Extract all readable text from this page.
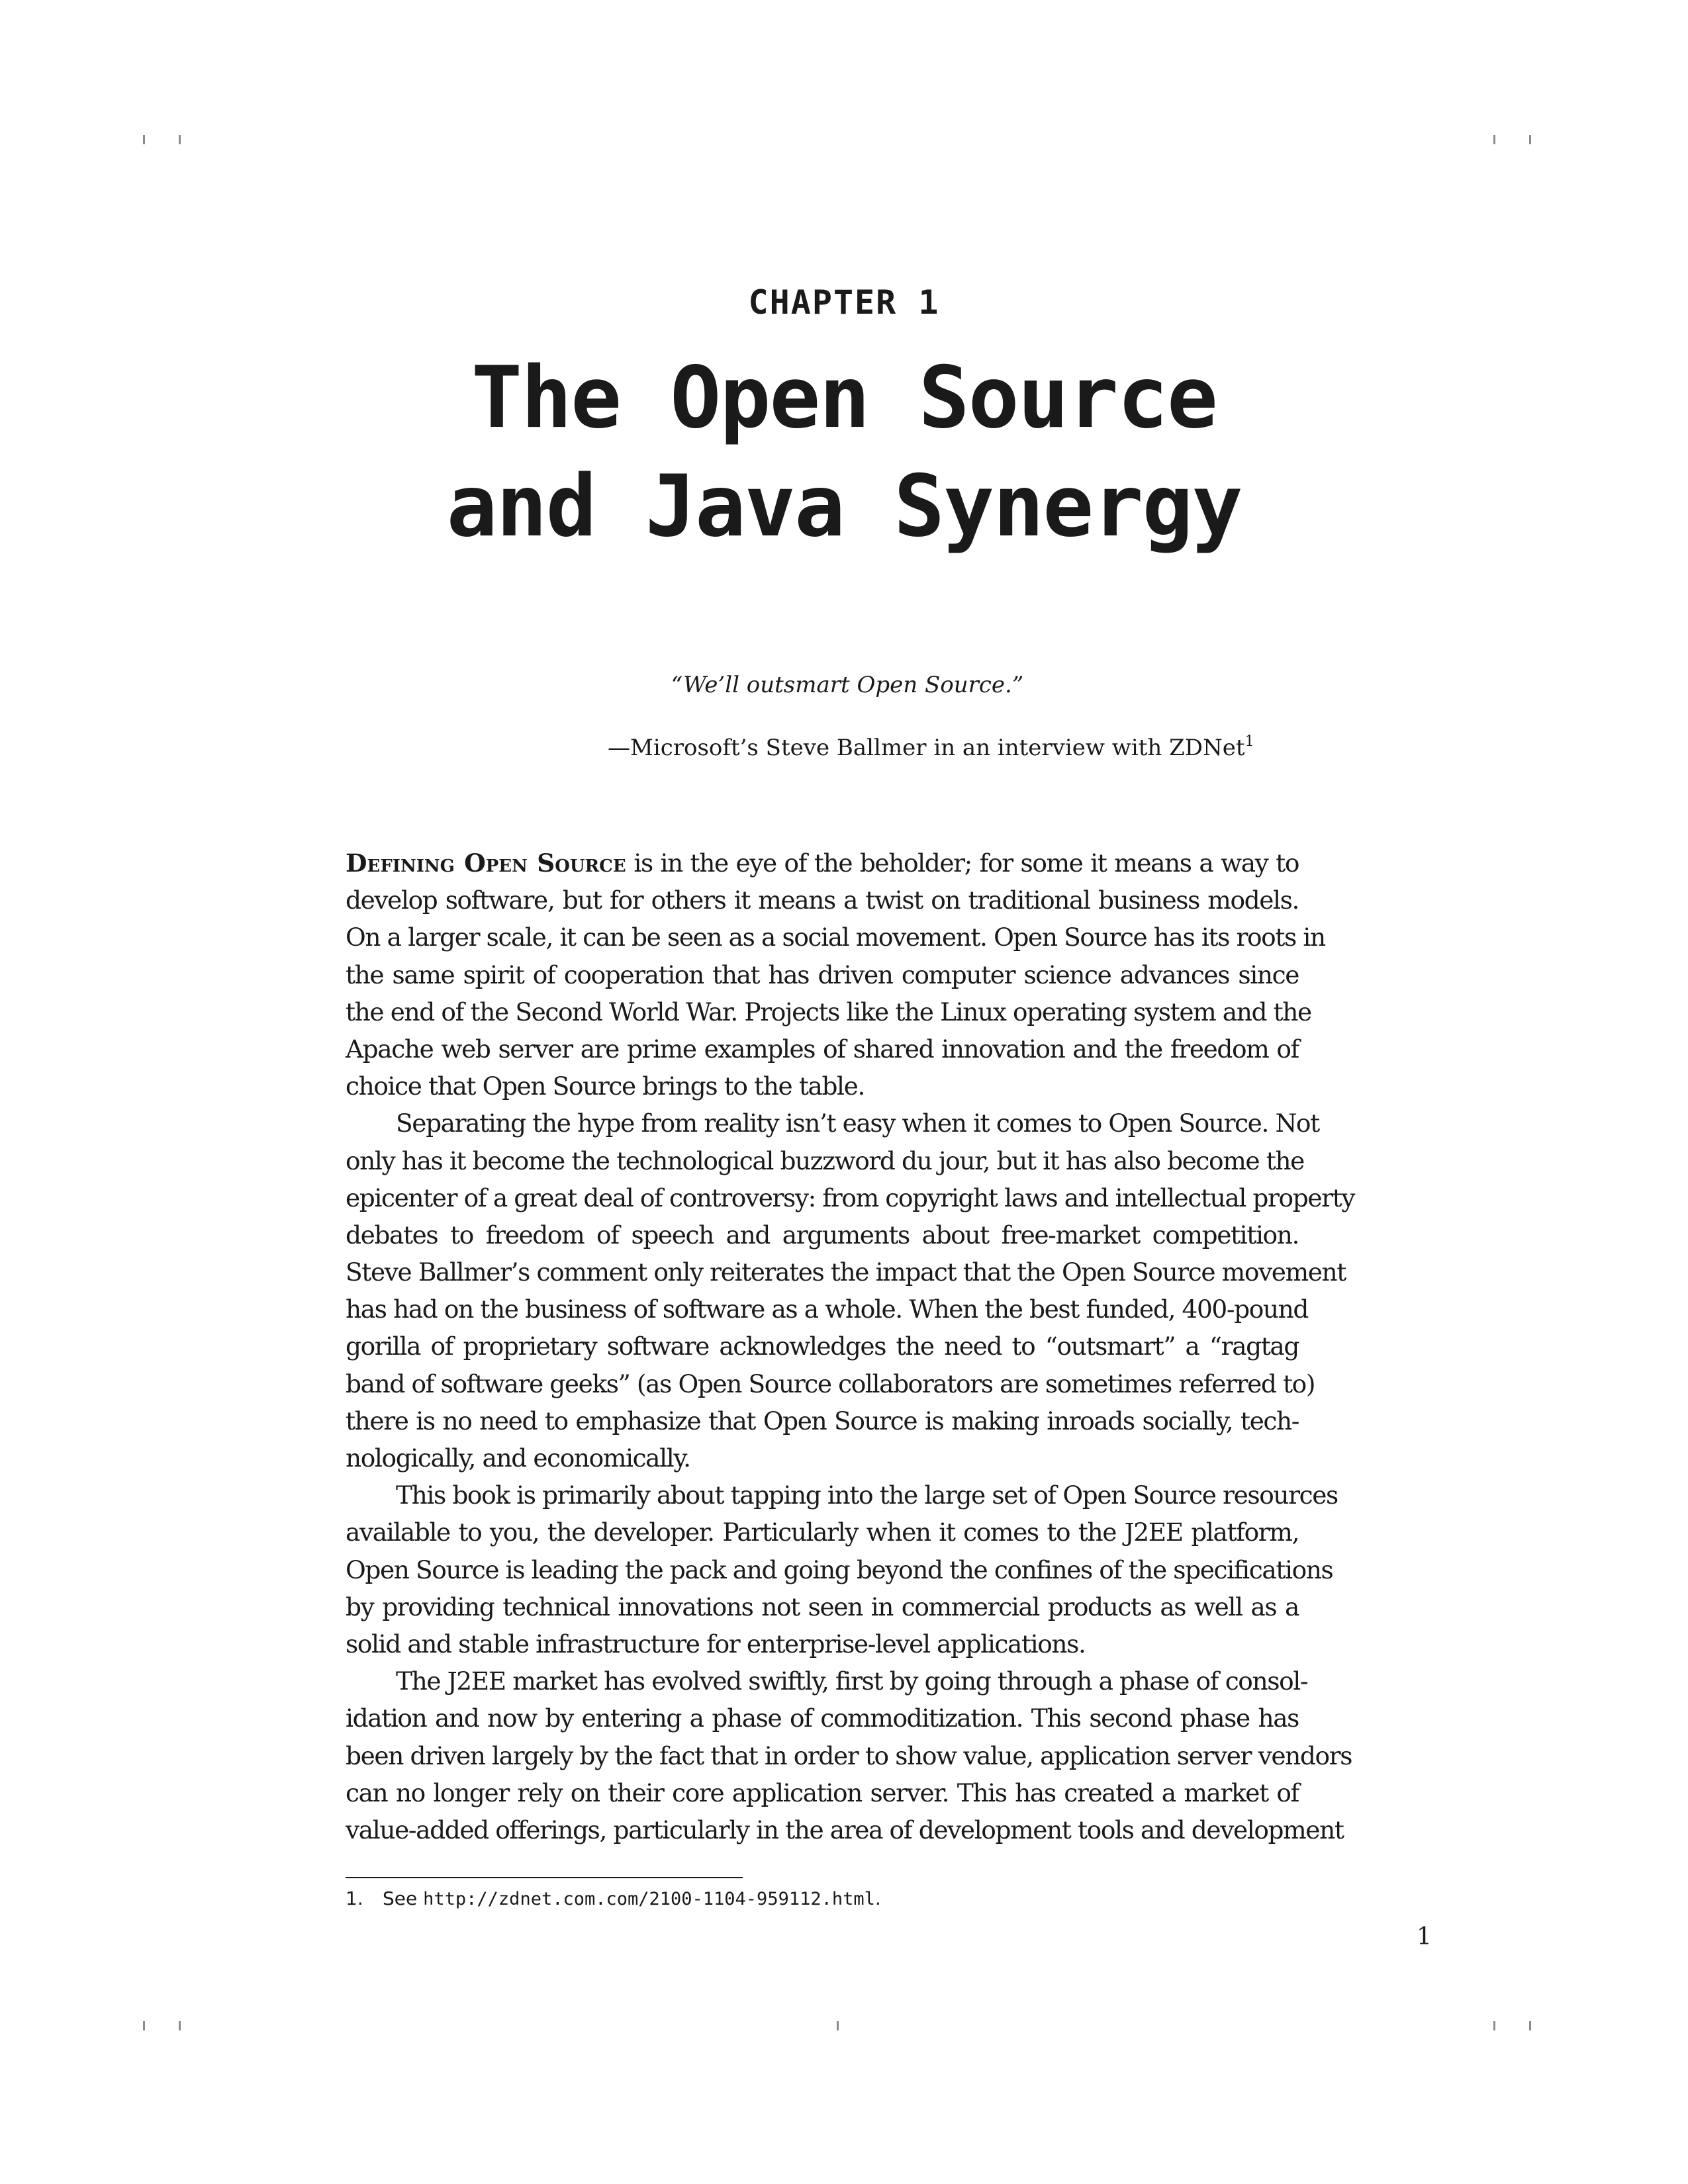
CHAPTER 1
The Open Source
and Java Synergy
“We’ll outsmart Open Source.”
—Microsoft’s Steve Ballmer in an interview with ZDNet$^1$
Defining Open Source is in the eye of the beholder; for some it means a way to
develop software, but for others it means a twist on traditional business models.
On a larger scale, it can be seen as a social movement. Open Source has its roots in
the same spirit of cooperation that has driven computer science advances since
the end of the Second World War. Projects like the Linux operating system and the
Apache web server are prime examples of shared innovation and the freedom of
choice that Open Source brings to the table.
Separating the hype from reality isn’t easy when it comes to Open Source. Not
only has it become the technological buzzword du jour, but it has also become the
epicenter of a great deal of controversy: from copyright laws and intellectual property
debates to freedom of speech and arguments about free-market competition.
Steve Ballmer’s comment only reiterates the impact that the Open Source movement
has had on the business of software as a whole. When the best funded, 400-pound
gorilla of proprietary software acknowledges the need to “outsmart” a “ragtag
band of software geeks” (as Open Source collaborators are sometimes referred to)
there is no need to emphasize that Open Source is making inroads socially, tech-
nologically, and economically.
This book is primarily about tapping into the large set of Open Source resources
available to you, the developer. Particularly when it comes to the J2EE platform,
Open Source is leading the pack and going beyond the confines of the specifications
by providing technical innovations not seen in commercial products as well as a
solid and stable infrastructure for enterprise-level applications.
The J2EE market has evolved swiftly, first by going through a phase of consol-
idation and now by entering a phase of commoditization. This second phase has
been driven largely by the fact that in order to show value, application server vendors
can no longer rely on their core application server. This has created a market of
value-added offerings, particularly in the area of development tools and development
1. See http://zdnet.com.com/2100-1104-959112.html.
1
